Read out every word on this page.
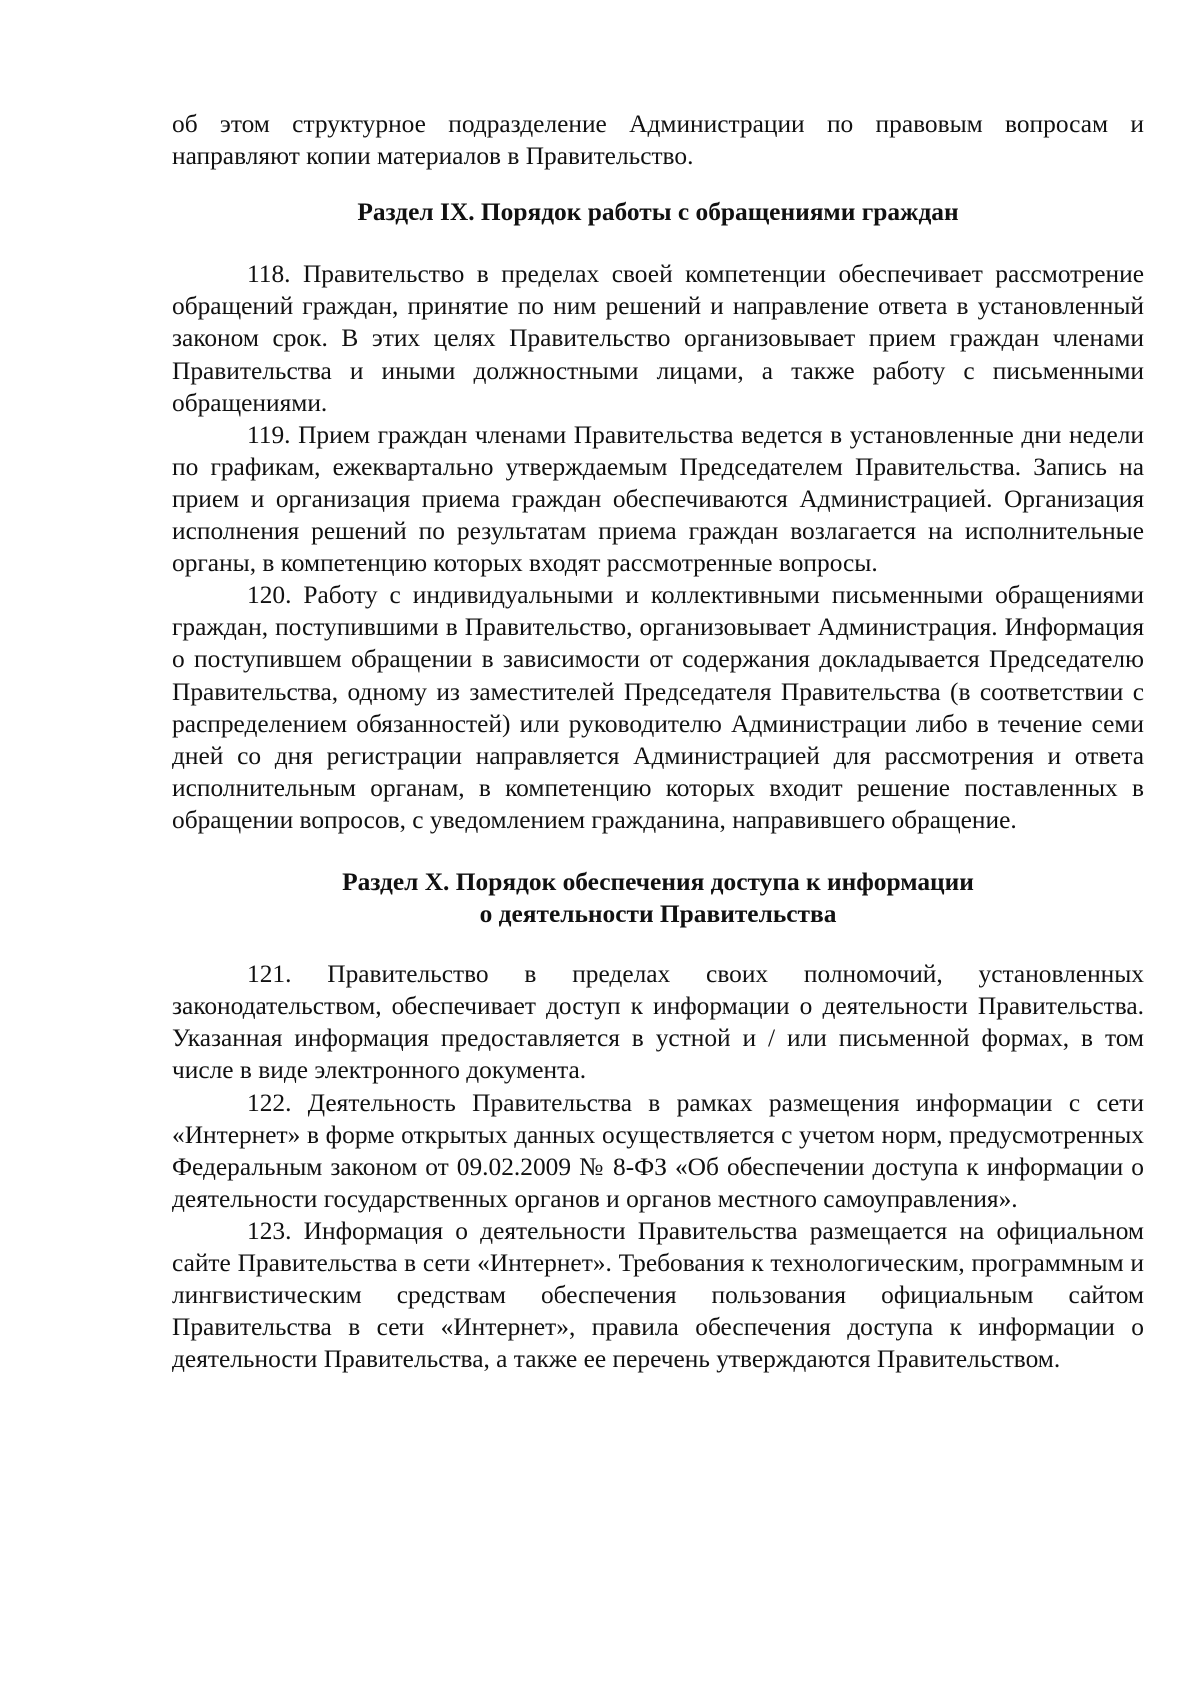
об этом структурное подразделение Администрации по правовым вопросам и направляют копии материалов в Правительство.

Раздел IX. Порядок работы с обращениями граждан

118. Правительство в пределах своей компетенции обеспечивает рассмотрение обращений граждан, принятие по ним решений и направление ответа в установленный законом срок. В этих целях Правительство организовывает прием граждан членами Правительства и иными должностными лицами, а также работу с письменными обращениями.

119. Прием граждан членами Правительства ведется в установленные дни недели по графикам, ежеквартально утверждаемым Председателем Правительства. Запись на прием и организация приема граждан обеспечиваются Администрацией. Организация исполнения решений по результатам приема граждан возлагается на исполнительные органы, в компетенцию которых входят рассмотренные вопросы.

120. Работу с индивидуальными и коллективными письменными обращениями граждан, поступившими в Правительство, организовывает Администрация. Информация о поступившем обращении в зависимости от содержания докладывается Председателю Правительства, одному из заместителей Председателя Правительства (в соответствии с распределением обязанностей) или руководителю Администрации либо в течение семи дней со дня регистрации направляется Администрацией для рассмотрения и ответа исполнительным органам, в компетенцию которых входит решение поставленных в обращении вопросов, с уведомлением гражданина, направившего обращение.

Раздел X. Порядок обеспечения доступа к информации

о деятельности Правительства

121. Правительство в пределах своих полномочий, установленных законодательством, обеспечивает доступ к информации о деятельности Правительства. Указанная информация предоставляется в устной и / или письменной формах, в том числе в виде электронного документа.

122. Деятельность Правительства в рамках размещения информации с сети «Интернет» в форме открытых данных осуществляется с учетом норм, предусмотренных Федеральным законом от 09.02.2009 № 8-ФЗ «Об обеспечении доступа к информации о деятельности государственных органов и органов местного самоуправления».

123. Информация о деятельности Правительства размещается на официальном сайте Правительства в сети «Интернет». Требования к технологическим, программным и лингвистическим средствам обеспечения пользования официальным сайтом Правительства в сети «Интернет», правила обеспечения доступа к информации о деятельности Правительства, а также ее перечень утверждаются Правительством.
